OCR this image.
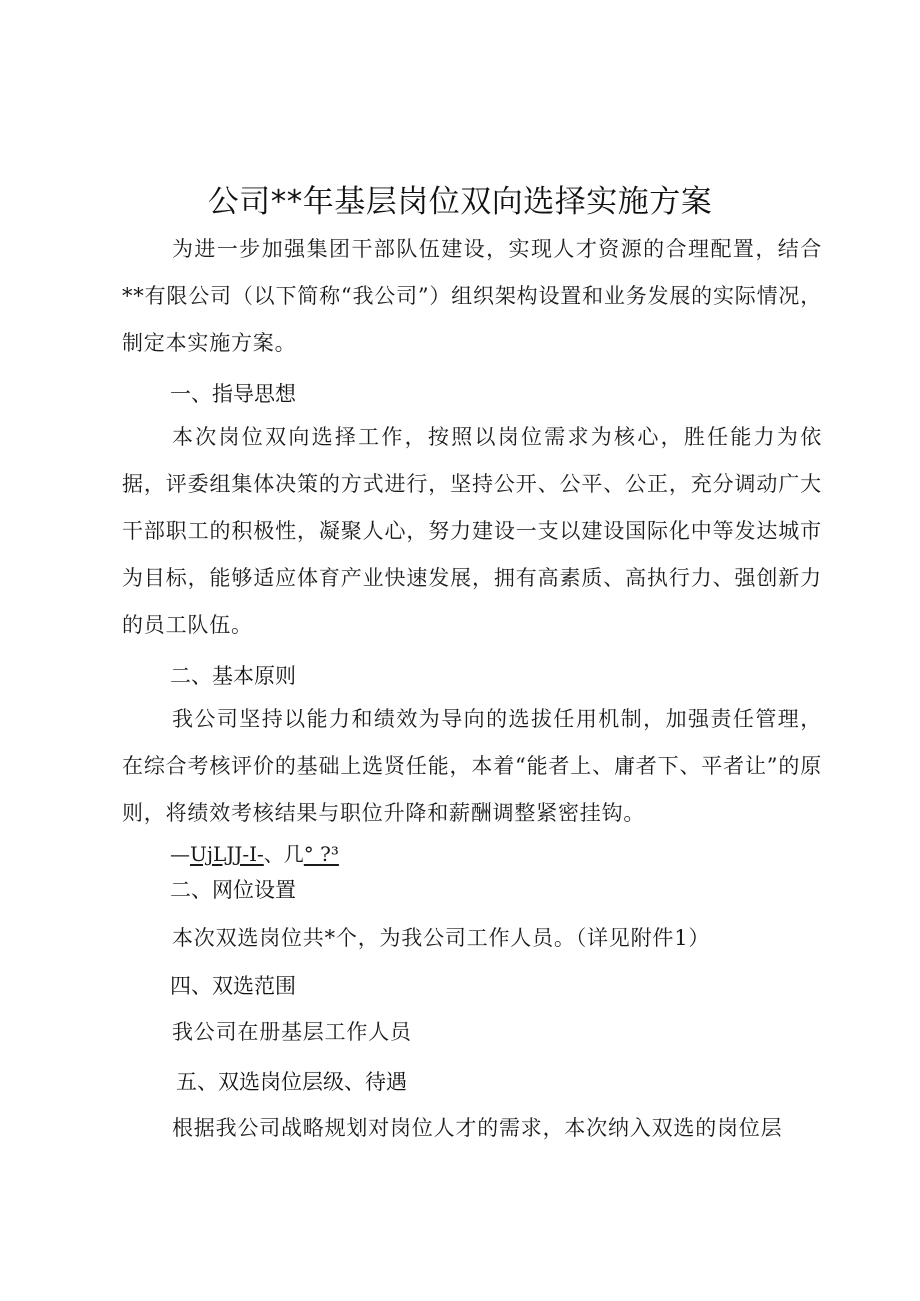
公司**年基层岗位双向选择实施方案
为进一步加强集团干部队伍建设，实现人才资源的合理配置，结合**有限公司（以下简称“我公司”）组织架构设置和业务发展的实际情况，制定本实施方案。
一、指导思想
本次岗位双向选择工作，按照以岗位需求为核心，胜任能力为依据，评委组集体决策的方式进行，坚持公开、公平、公正，充分调动广大干部职工的积极性，凝聚人心，努力建设一支以建设国际化中等发达城市为目标，能够适应体育产业快速发展，拥有高素质、高执行力、强创新力的员工队伍。
二、基本原则
我公司坚持以能力和绩效为导向的选拔任用机制，加强责任管理，在综合考核评价的基础上选贤任能，本着“能者上、庸者下、平者让”的原则，将绩效考核结果与职位升降和薪酬调整紧密挂钩。
—UjLJJ-I-、几° ?³
二、网位设置
本次双选岗位共*个，为我公司工作人员。（详见附件1）
四、双选范围
我公司在册基层工作人员
五、双选岗位层级、待遇
根据我公司战略规划对岗位人才的需求，本次纳入双选的岗位层
